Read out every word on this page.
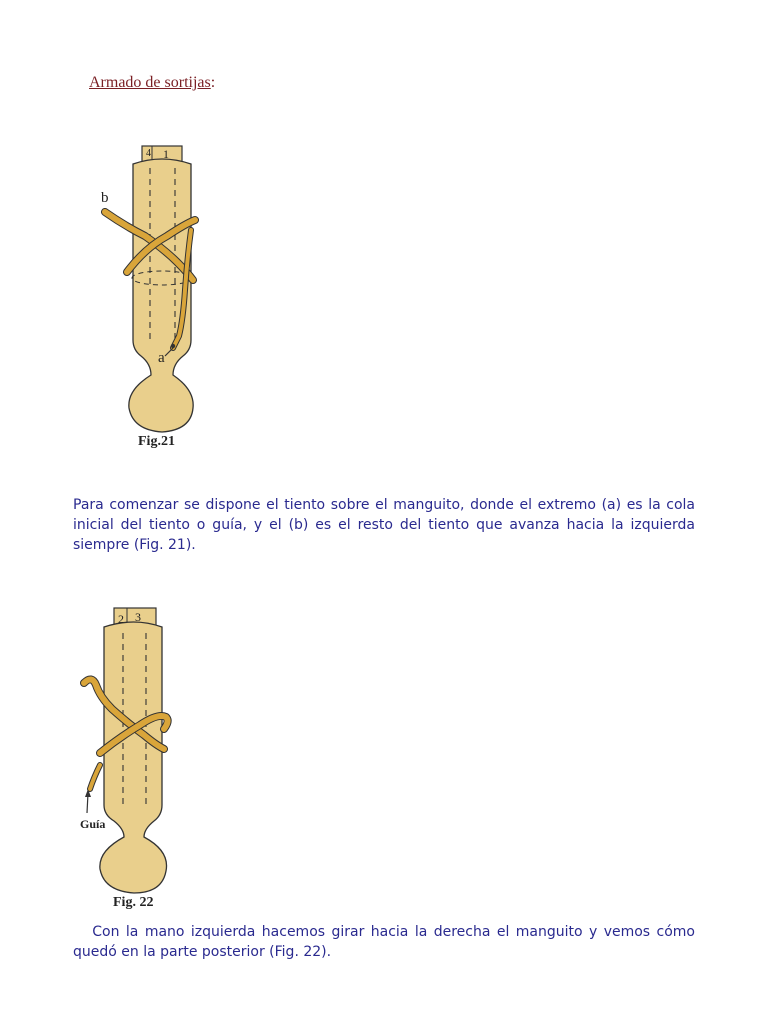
Armado de sortijas:
4 1
b
a
Fig.21

Para comenzar se dispone el tiento sobre el manguito, donde el extremo (a) es la cola inicial del tiento o guía, y el (b) es el resto del tiento que avanza hacia la izquierda siempre (Fig. 21).

2 3
Guía
Fig. 22

Con la mano izquierda hacemos girar hacia la derecha el manguito y vemos cómo quedó en la parte posterior (Fig. 22).
